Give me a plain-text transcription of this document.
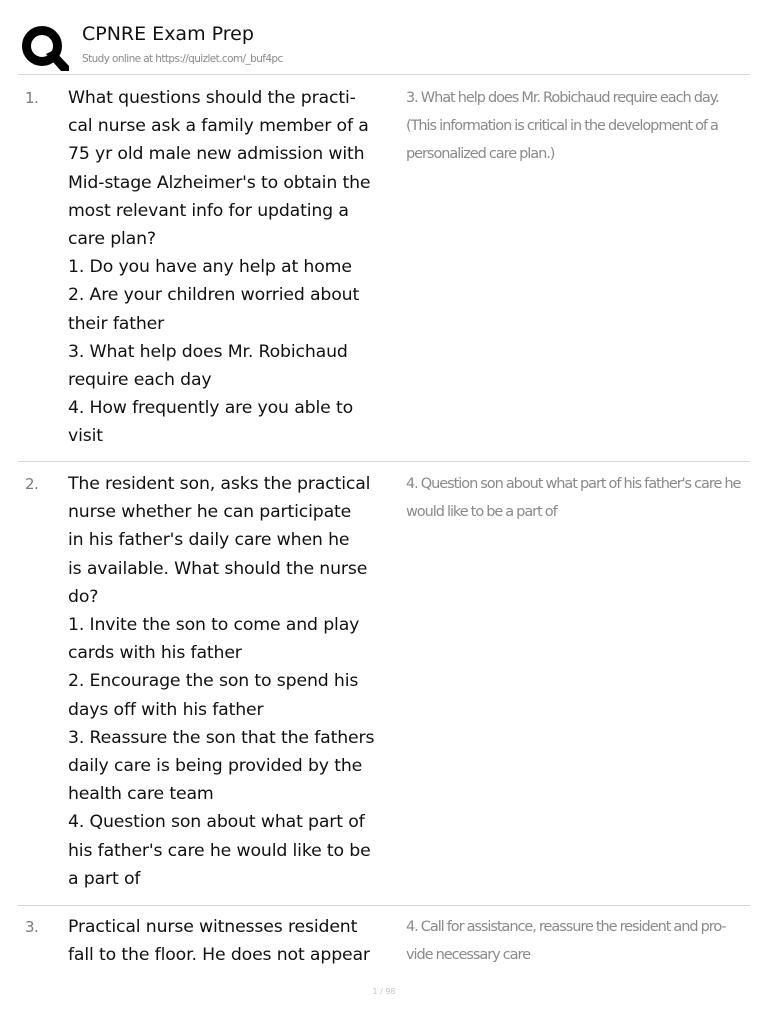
CPNRE Exam Prep
Study online at https://quizlet.com/_buf4pc
1. What questions should the practi-
cal nurse ask a family member of a
75 yr old male new admission with
Mid-stage Alzheimer's to obtain the
most relevant info for updating a
care plan?
1. Do you have any help at home
2. Are your children worried about
their father
3. What help does Mr. Robichaud
require each day
4. How frequently are you able to
visit
3. What help does Mr. Robichaud require each day.
(This information is critical in the development of a
personalized care plan.)
2. The resident son, asks the practical
nurse whether he can participate
in his father's daily care when he
is available. What should the nurse
do?
1. Invite the son to come and play
cards with his father
2. Encourage the son to spend his
days off with his father
3. Reassure the son that the fathers
daily care is being provided by the
health care team
4. Question son about what part of
his father's care he would like to be
a part of
4. Question son about what part of his father's care he
would like to be a part of
3. Practical nurse witnesses resident
fall to the floor. He does not appear
4. Call for assistance, reassure the resident and pro-
vide necessary care
1 / 98
